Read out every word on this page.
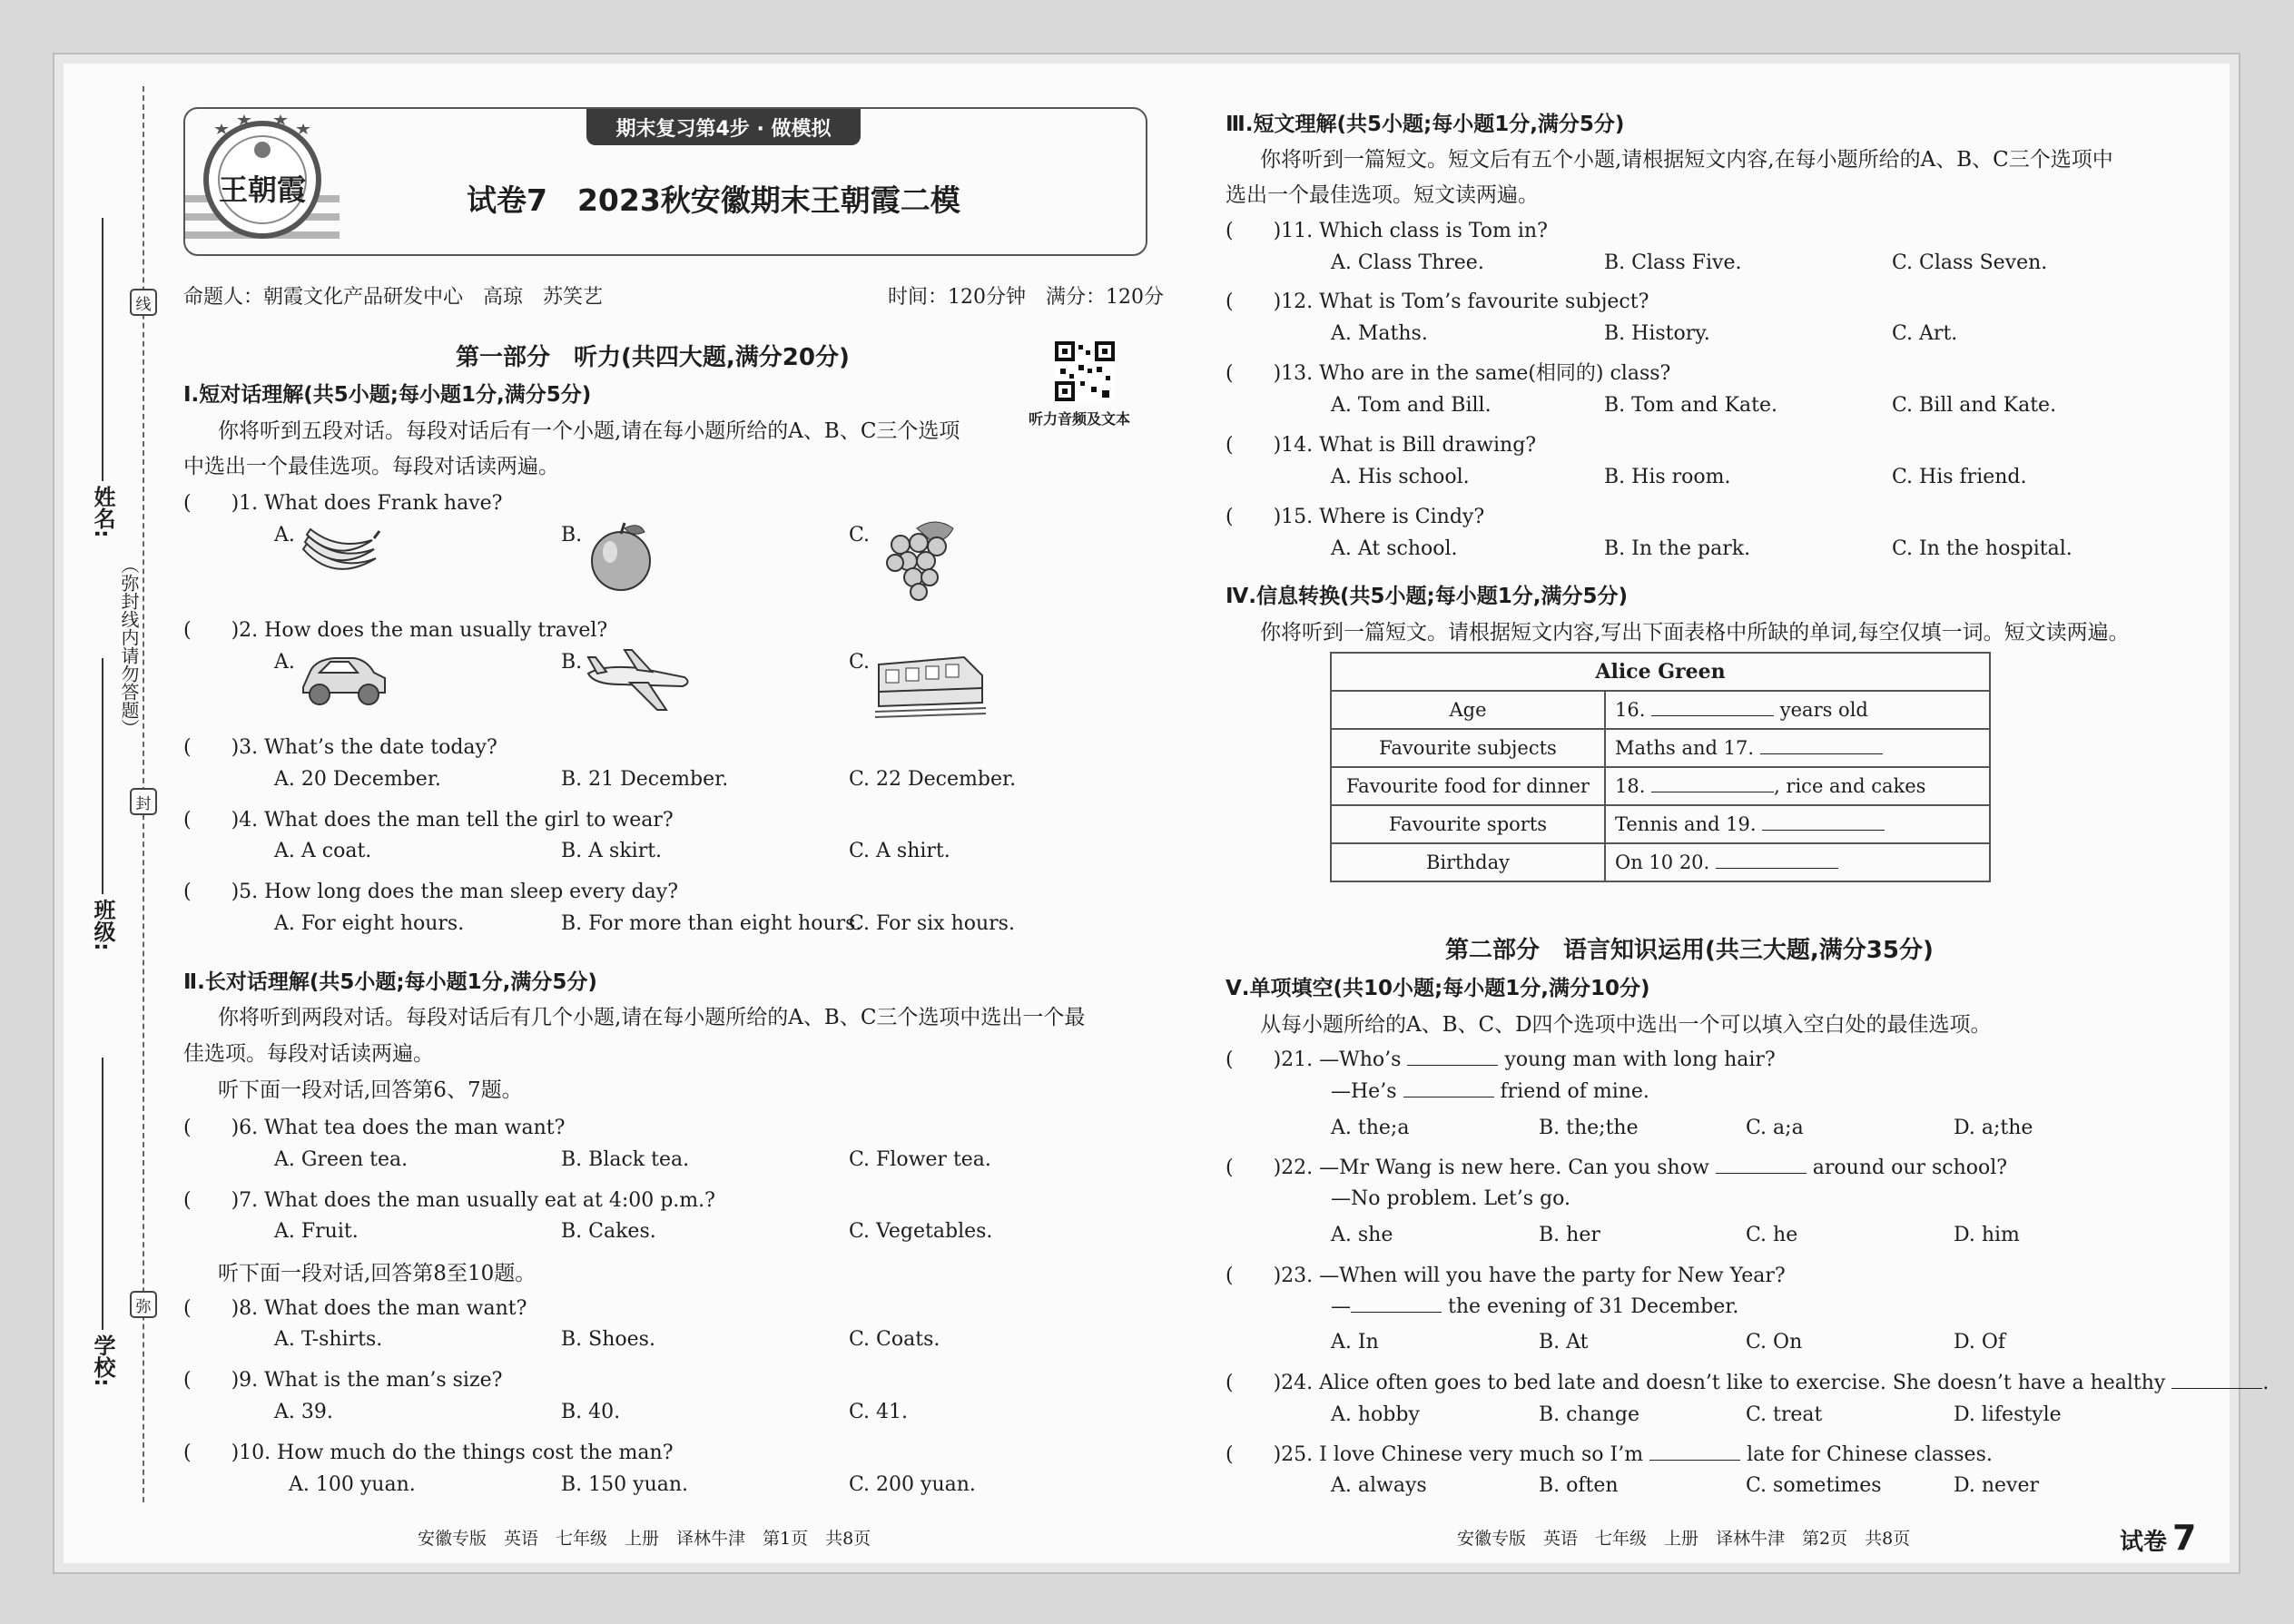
线
封
弥
（弥封线内请勿答题）
姓名:
班级:
学校:
王朝霞
期末复习第4步 · 做模拟
试卷7　2023秋安徽期末王朝霞二模
命题人：朝霞文化产品研发中心　高琼　苏笑艺	时间：120分钟　满分：120分
听力音频及文本
第一部分　听力(共四大题,满分20分)
Ⅰ.短对话理解(共5小题;每小题1分,满分5分)
你将听到五段对话。每段对话后有一个小题,请在每小题所给的A、B、C三个选项
中选出一个最佳选项。每段对话读两遍。
(　　)1. What does Frank have?
A.	B.	C.
(　　)2. How does the man usually travel?
A.	B.	C.
(　　)3. What’s the date today?
A. 20 December.	B. 21 December.	C. 22 December.
(　　)4. What does the man tell the girl to wear?
A. A coat.	B. A skirt.	C. A shirt.
(　　)5. How long does the man sleep every day?
A. For eight hours.	B. For more than eight hours.
C. For six hours.
Ⅱ.长对话理解(共5小题;每小题1分,满分5分)
你将听到两段对话。每段对话后有几个小题,请在每小题所给的A、B、C三个选项中选出一个最
佳选项。每段对话读两遍。
听下面一段对话,回答第6、7题。
(　　)6. What tea does the man want?
A. Green tea.	B. Black tea.	C. Flower tea.
(　　)7. What does the man usually eat at 4:00 p.m.?
A. Fruit.	B. Cakes.	C. Vegetables.
听下面一段对话,回答第8至10题。
(　　)8. What does the man want?
A. T-shirts.	B. Shoes.	C. Coats.
(　　)9. What is the man’s size?
A. 39.	B. 40.	C. 41.
(　　)10. How much do the things cost the man?
A. 100 yuan.	B. 150 yuan.	C. 200 yuan.
安徽专版　英语　七年级　上册　译林牛津　第1页　共8页
Ⅲ.短文理解(共5小题;每小题1分,满分5分)
你将听到一篇短文。短文后有五个小题,请根据短文内容,在每小题所给的A、B、C三个选项中
选出一个最佳选项。短文读两遍。
(　　)11. Which class is Tom in?
A. Class Three.	B. Class Five.	C. Class Seven.
(　　)12. What is Tom’s favourite subject?
A. Maths.	B. History.	C. Art.
(　　)13. Who are in the same(相同的) class?
A. Tom and Bill.	B. Tom and Kate.	C. Bill and Kate.
(　　)14. What is Bill drawing?
A. His school.	B. His room.	C. His friend.
(　　)15. Where is Cindy?
A. At school.	B. In the park.	C. In the hospital.
Ⅳ.信息转换(共5小题;每小题1分,满分5分)
你将听到一篇短文。请根据短文内容,写出下面表格中所缺的单词,每空仅填一词。短文读两遍。
Alice Green	
Age	16. years old
Favourite subjects	Maths and 17.
Favourite food for dinner	18. , rice and cakes
Favourite sports	Tennis and 19.
Birthday	On 10 20.
第二部分　语言知识运用(共三大题,满分35分)
Ⅴ.单项填空(共10小题;每小题1分,满分10分)
从每小题所给的A、B、C、D四个选项中选出一个可以填入空白处的最佳选项。
(　　)21. —Who’s	young man with long hair?
—He’s	friend of mine.
A. the;a	B. the;the	C. a;a	D. a;the
(　　)22. —Mr Wang is new here. Can you show	around our school?
—No problem. Let’s go.
A. she	B. her	C. he	D. him
(　　)23. —When will you have the party for New Year?
—	the evening of 31 December.
A. In	B. At	C. On	D. Of
(　　)24. Alice often goes to bed late and doesn’t like to exercise. She doesn’t have a healthy	.
A. hobby	B. change	C. treat	D. lifestyle
(　　)25. I love Chinese very much so I’m	late for Chinese classes.
A. always	B. often	C. sometimes	D. never
安徽专版　英语　七年级　上册　译林牛津　第2页　共8页	试卷 7
